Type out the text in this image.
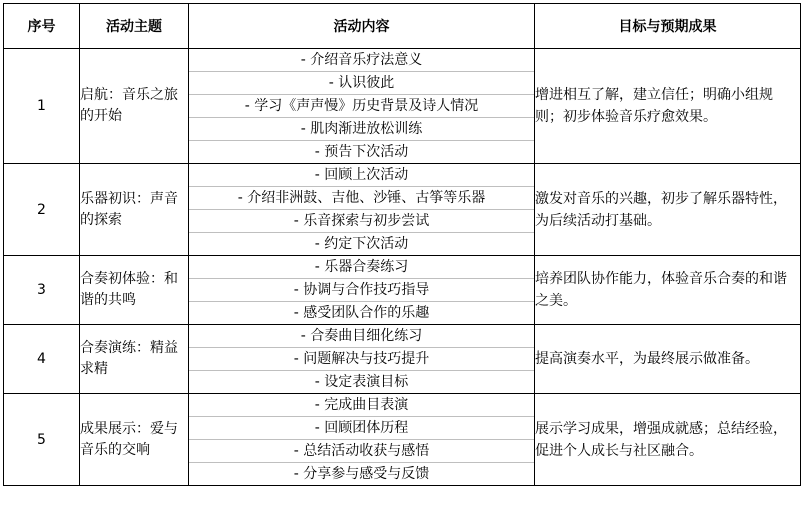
序号	活动主题	活动内容	目标与预期成果
1	启航：音乐之旅的开始	- 介绍音乐疗法意义
- 认识彼此
- 学习《声声慢》历史背景及诗人情况
- 肌肉渐进放松训练
- 预告下次活动	增进相互了解，建立信任；明确小组规则；初步体验音乐疗愈效果。
2	乐器初识：声音的探索	- 回顾上次活动
- 介绍非洲鼓、吉他、沙锤、古筝等乐器
- 乐音探索与初步尝试
- 约定下次活动	激发对音乐的兴趣，初步了解乐器特性，为后续活动打基础。
3	合奏初体验：和谐的共鸣	- 乐器合奏练习
- 协调与合作技巧指导
- 感受团队合作的乐趣	培养团队协作能力，体验音乐合奏的和谐之美。
4	合奏演练：精益求精	- 合奏曲目细化练习
- 问题解决与技巧提升
- 设定表演目标	提高演奏水平，为最终展示做准备。
5	成果展示：爱与音乐的交响	- 完成曲目表演
- 回顾团体历程
- 总结活动收获与感悟
- 分享参与感受与反馈	展示学习成果，增强成就感；总结经验，促进个人成长与社区融合。
